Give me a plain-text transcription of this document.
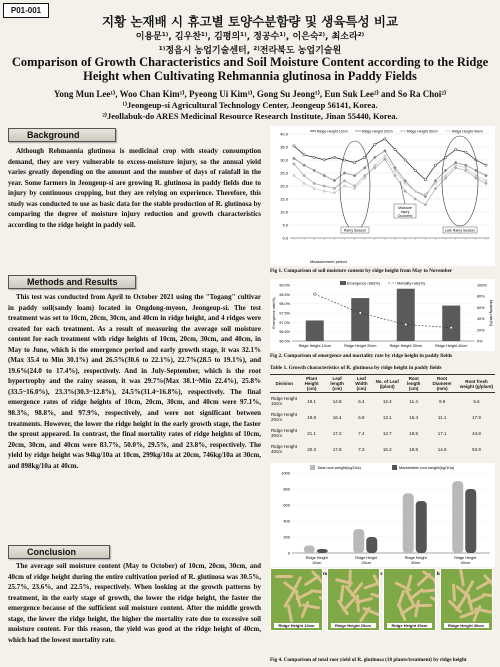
P01-001
지황 논재배 시 휴고별 토양수분함량 및 생육특성 비교
이용문¹⁾, 김우찬¹⁾, 김평의¹⁾, 정공수¹⁾, 이은숙²⁾, 최소라²⁾
¹⁾정읍시 농업기술센터, ²⁾전라북도 농업기술원
Comparison of Growth Characteristics and Soil Moisture Content according to the Ridge Height when Cultivating Rehmannia glutinosa in Paddy Fields
Yong Mun Lee¹⁾, Woo Chan Kim¹⁾, Pyeong Ui Kim¹⁾, Gong Su Jeong¹⁾, Eun Suk Lee²⁾ and So Ra Choi²⁾
¹⁾Jeongeup-si Agricultural Technology Center, Jeongeup 56141, Korea.
²⁾Jeollabuk-do ARES Medicinal Resource Research Institute, Jinan 55440, Korea.
Background

Although Rehmannia glutinosa is medicinal crop with steady consumption demand, they are very vulnerable to excess-moisture injury, so the annual yield varies greatly depending on the amount and the number of days of rainfall in the year. Some farmers in Jeongeup-si are growing R. glutinosa in paddy fields due to injury by continuous cropping, but they are relying on experience. Therefore, this study was conducted to use as basic data for the stable production of R. glutinosa by comparing the degree of moisture injury reduction and growth characteristics according to the ridge height in paddy soil.

Methods and Results

This test was conducted from April to October 2021 using the "Togang" cultivar in paddy soil(sandy loam) located in Ongdong-myeon, Jeongeup-si. The test treatment was set to 10cm, 20cm, 30cm, and 40cm in ridge height, and 4 ridges were created for each treatment. As a result of measuring the average soil moisture content for each treatment with ridge heights of 10cm, 20cm, 30cm, and 40cm, in May to June, which is the emergence period and early growth stage, it was 32.1%(Max 35.4 to Min 30.1%) and 26.5%(30.6 to 22.1%), 22.7%(28.5 to 19.1%), and 19.6%(24.0 to 17.4%), respectively. And in July-September, which is the root hypertrophy and the rainy season, it was 29.7%(Max 38.1~Min 22.4%), 25.8%(33.5~16.0%), 23.3%(30.3~12.8%), 24.5%(31.4~16.8%), respectively. The final emergence rates of ridge heights of 10cm, 20cm, 30cm, and 40cm were 97.1%, 98.3%, 98.8%, and 97.9%, respectively, and were not significant between treatments. However, the lower the ridge height in the early growth stage, the faster the sprout appeared. In contrast, the final mortality rates of ridge heights of 10cm, 20cm, 30cm, and 40cm were 83.7%, 50.0%, 29.5%, and 23.8%, respectively. The yield by ridge height was 94kg/10a at 10cm, 299kg/10a at 20cm, 746kg/10a at 30cm, and 898kg/10a at 40cm.

Conclusion

The average soil moisture content (May to October) of 10cm, 20cm, 30cm, and 40cm of ridge height during the entire cultivation period of R. glutinosa was 30.5%, 25.7%, 23.6%, and 22.5%, respectively. When looking at the growth patterns by treatment, in the early stage of growth, the lower the ridge height, the faster the emergence because of the sufficient soil moisture content. After the middle growth stage, the lower the ridge height, the higher the mortality rate due to excessive soil moisture content. For this reason, the yield was good at the ridge height of 40cm, which had the lowest mortality rate.

0.0
5.0
10.0
15.0
20.0
25.0
30.0
35.0
40.0	Ridge Height 10cm	Ridge Height 20cm	Ridge Height 30cm	Ridge Height 40cm
Rainy Season	Late Rainy Season
Moisture
Injury
Occurred
Measurement period
Fig 1. Comparison of soil moisture content by ridge height from May to November
96.0%
96.5%
97.0%
97.5%
98.0%
98.5%
99.0%
0%
20%
40%
60%
80%
100%
Emergence rate(%)	Mortality rate(%)
Ridge Height 10cm	Ridge Height 20cm	Ridge Height 30cm	Ridge Height 40cm
Emergence rate(%)	Mortality rate(%)
Fig 2. Comparison of emergence and mortality rate by ridge height in paddy fields
Table 1. Growth characteristics of R. glutinosa by ridge height in paddy fields
Division	Plant Height (cm)	Leaf length (cm)	Leaf Width (cm)	No. of Leaf (/plant)	Root length (cm)	Root Diameter (mm)	Root fresh weight (g/plant)
Ridge Height 10cm	19.1	14.8	6.4	12.4	11.4	9.9	5.6
Ridge Height 20cm	19.8	16.4	6.8	13.1	16.4	11.1	17.9
Ridge Height 30cm	21.1	17.2	7.4	13.7	18.5	17.1	44.8
Ridge Height 40cm	20.3	17.8	7.3	15.2	19.8	14.6	53.9
0
200
400
600
800
1000
Ridge Height
10cm
Ridge Height
20cm
Ridge Height
30cm
Ridge Height
40cm
Total root weight(kg/10a)	Marketable root weight(kg/10a)
Ridge Height 10cm	Ridge Height 20cm	Ridge Height 30cm	Ridge Height 40cm
Fig 4. Comparison of total root yield of R. glutinosa (18 plants/treatment) by ridge height
